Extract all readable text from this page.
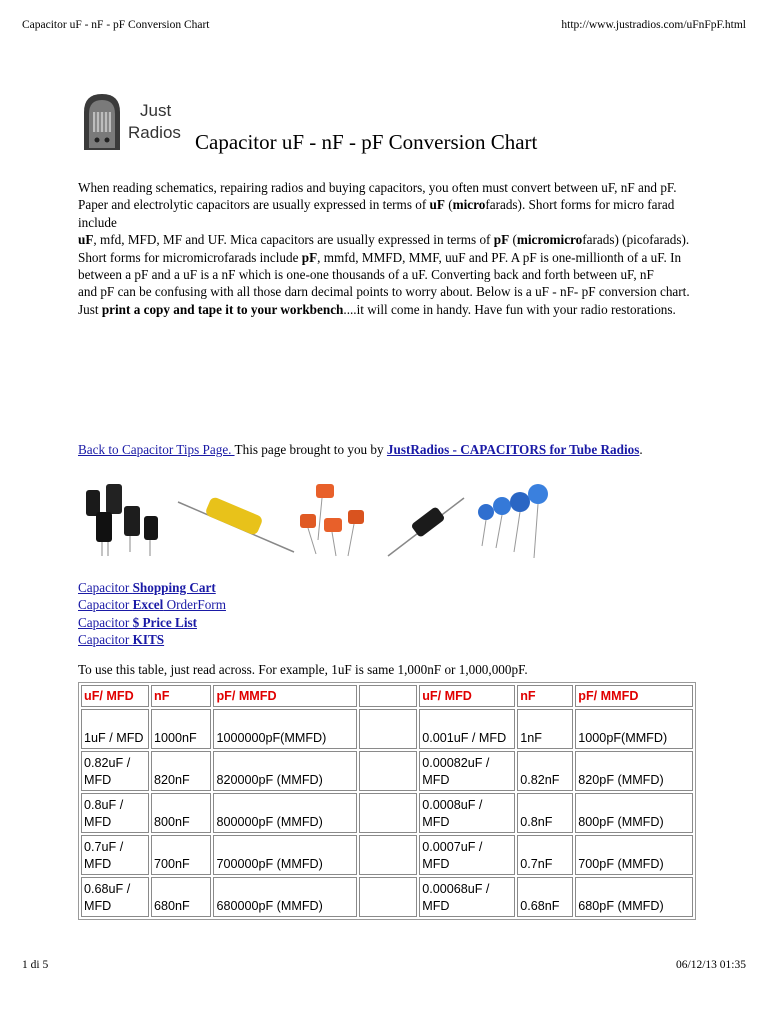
Capacitor uF - nF - pF Conversion Chart	http://www.justradios.com/uFnFpF.html
Just
Radios Capacitor uF - nF - pF Conversion Chart

When reading schematics, repairing radios and buying capacitors, you often must convert between uF, nF and pF.

Paper and electrolytic capacitors are usually expressed in terms of uF (microfarads). Short forms for micro farad include

uF, mfd, MFD, MF and UF. Mica capacitors are usually expressed in terms of pF (micromicrofarads) (picofarads).

Short forms for micromicrofarads include pF, mmfd, MMFD, MMF, uuF and PF. A pF is one-millionth of a uF. In

between a pF and a uF is a nF which is one-one thousands of a uF. Converting back and forth between uF, nF

and pF can be confusing with all those darn decimal points to worry about. Below is a uF - nF- pF conversion chart.

Just print a copy and tape it to your workbench....it will come in handy. Have fun with your radio restorations.

Back to Capacitor Tips Page. This page brought to you by JustRadios - CAPACITORS for Tube Radios.
Capacitor Shopping Cart
Capacitor Excel OrderForm
Capacitor $ Price List
Capacitor KITS
To use this table, just read across. For example, 1uF is same 1,000nF or 1,000,000pF.
uF/ MFD	nF	pF/ MMFD		uF/ MFD	nF	pF/ MMFD
1uF / MFD	1000nF	1000000pF(MMFD)		0.001uF / MFD	1nF	1000pF(MMFD)
0.82uF / MFD	820nF	820000pF (MMFD)		0.00082uF / MFD	0.82nF	820pF (MMFD)
0.8uF / MFD	800nF	800000pF (MMFD)		0.0008uF / MFD	0.8nF	800pF (MMFD)
0.7uF / MFD	700nF	700000pF (MMFD)		0.0007uF / MFD	0.7nF	700pF (MMFD)
0.68uF / MFD	680nF	680000pF (MMFD)		0.00068uF / MFD	0.68nF	680pF (MMFD)
1 di 5	06/12/13 01:35
